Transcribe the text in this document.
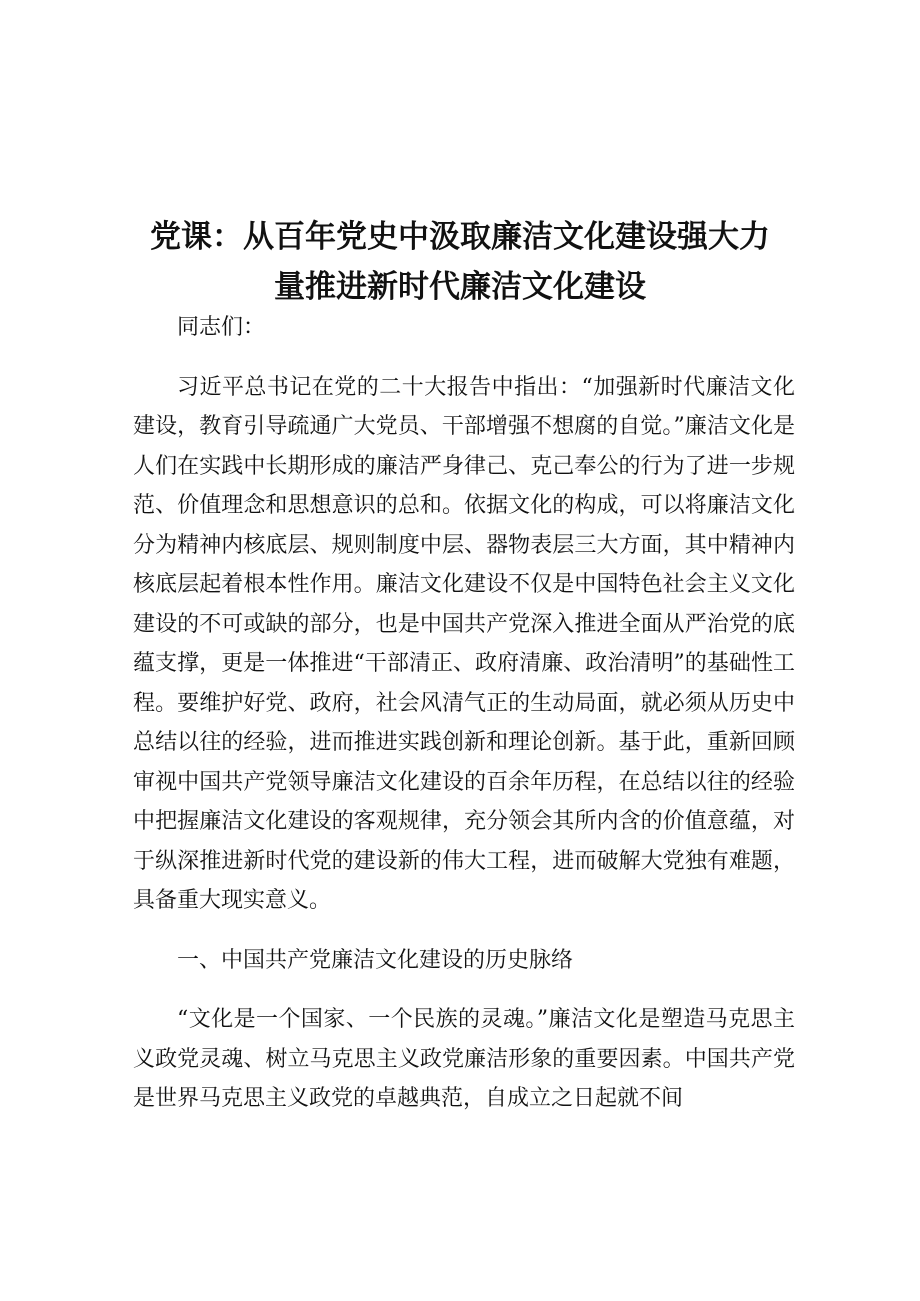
党课：从百年党史中汲取廉洁文化建设强大力
量推进新时代廉洁文化建设

同志们：

习近平总书记在党的二十大报告中指出：“加强新时代廉洁文化建设，教育引导疏通广大党员、干部增强不想腐的自觉。”廉洁文化是人们在实践中长期形成的廉洁严身律己、克己奉公的行为了进一步规范、价值理念和思想意识的总和。依据文化的构成，可以将廉洁文化分为精神内核底层、规则制度中层、器物表层三大方面，其中精神内核底层起着根本性作用。廉洁文化建设不仅是中国特色社会主义文化建设的不可或缺的部分，也是中国共产党深入推进全面从严治党的底蕴支撑，更是一体推进“干部清正、政府清廉、政治清明”的基础性工程。要维护好党、政府，社会风清气正的生动局面，就必须从历史中总结以往的经验，进而推进实践创新和理论创新。基于此，重新回顾审视中国共产党领导廉洁文化建设的百余年历程，在总结以往的经验中把握廉洁文化建设的客观规律，充分领会其所内含的价值意蕴，对于纵深推进新时代党的建设新的伟大工程，进而破解大党独有难题，具备重大现实意义。

一、中国共产党廉洁文化建设的历史脉络

“文化是一个国家、一个民族的灵魂。”廉洁文化是塑造马克思主义政党灵魂、树立马克思主义政党廉洁形象的重要因素。中国共产党是世界马克思主义政党的卓越典范，自成立之日起就不间
